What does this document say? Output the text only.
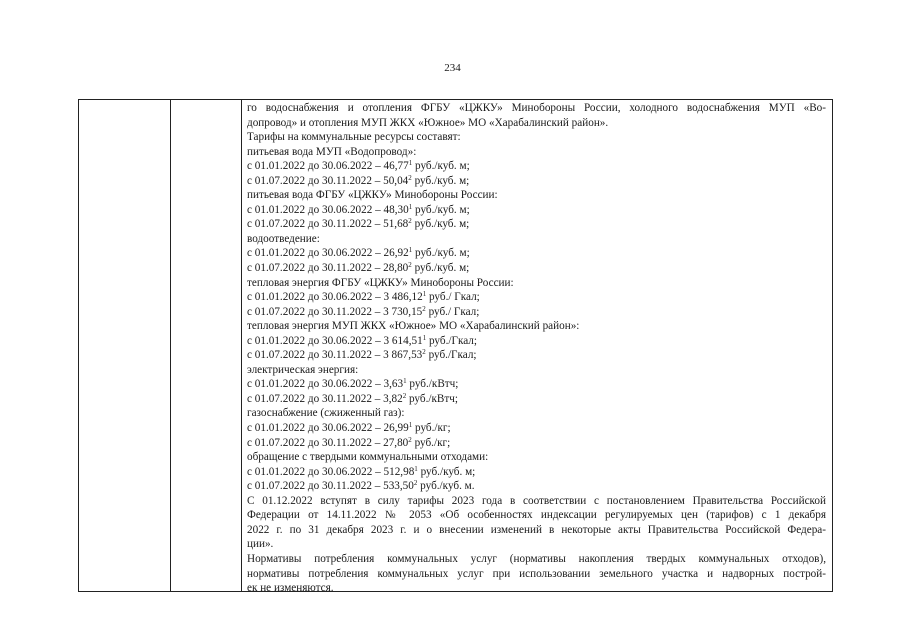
234
го водоснабжения и отопления ФГБУ «ЦЖКУ» Минобороны России, холодного водоснабжения МУП «Во-
допровод» и отопления МУП ЖКХ «Южное» МО «Харабалинский район».
Тарифы на коммунальные ресурсы составят:
питьевая вода МУП «Водопровод»:
с 01.01.2022 до 30.06.2022 – 46,77$^1$ руб./куб. м;
с 01.07.2022 до 30.11.2022 – 50,04$^2$ руб./куб. м;
питьевая вода ФГБУ «ЦЖКУ» Минобороны России:
с 01.01.2022 до 30.06.2022 – 48,30$^1$ руб./куб. м;
с 01.07.2022 до 30.11.2022 – 51,68$^2$ руб./куб. м;
водоотведение:
с 01.01.2022 до 30.06.2022 – 26,92$^1$ руб./куб. м;
с 01.07.2022 до 30.11.2022 – 28,80$^2$ руб./куб. м;
тепловая энергия ФГБУ «ЦЖКУ» Минобороны России:
с 01.01.2022 до 30.06.2022 – 3 486,12$^1$ руб./ Гкал;
с 01.07.2022 до 30.11.2022 – 3 730,15$^2$ руб./ Гкал;
тепловая энергия МУП ЖКХ «Южное» МО «Харабалинский район»:
с 01.01.2022 до 30.06.2022 – 3 614,51$^1$ руб./Гкал;
с 01.07.2022 до 30.11.2022 – 3 867,53$^2$ руб./Гкал;
электрическая энергия:
с 01.01.2022 до 30.06.2022 – 3,63$^1$ руб./кВтч;
с 01.07.2022 до 30.11.2022 – 3,82$^2$ руб./кВтч;
газоснабжение (сжиженный газ):
с 01.01.2022 до 30.06.2022 – 26,99$^1$ руб./кг;
с 01.07.2022 до 30.11.2022 – 27,80$^2$ руб./кг;
обращение с твердыми коммунальными отходами:
с 01.01.2022 до 30.06.2022 – 512,98$^1$ руб./куб. м;
с 01.07.2022 до 30.11.2022 – 533,50$^2$ руб./куб. м.
С 01.12.2022 вступят в силу тарифы 2023 года в соответствии с постановлением Правительства Российской
Федерации от 14.11.2022 № 2053 «Об особенностях индексации регулируемых цен (тарифов) с 1 декабря
2022 г. по 31 декабря 2023 г. и о внесении изменений в некоторые акты Правительства Российской Федера-
ции».
Нормативы потребления коммунальных услуг (нормативы накопления твердых коммунальных отходов),
нормативы потребления коммунальных услуг при использовании земельного участка и надворных построй-
ек не изменяются.
